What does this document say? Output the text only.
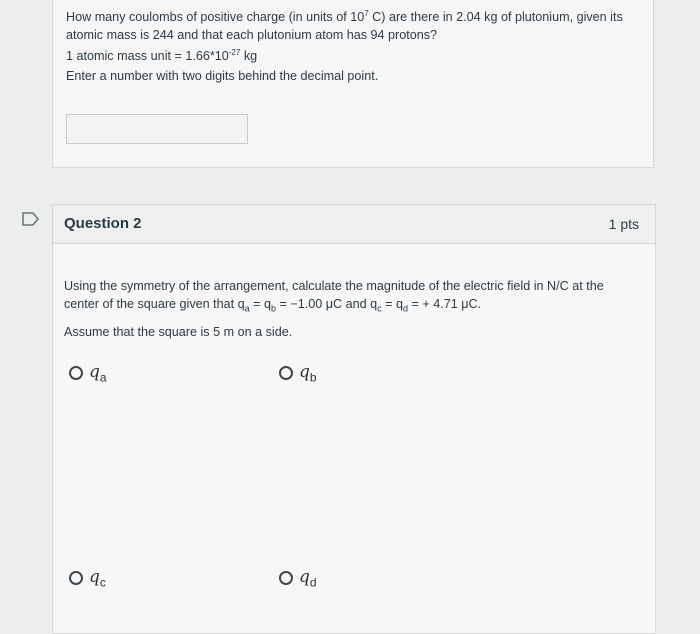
How many coulombs of positive charge (in units of $10^7$ C) are there in 2.04 kg of plutonium, given its

atomic mass is 244 and that each plutonium atom has 94 protons?

1 atomic mass unit = $1.66*10^{-27}$ kg

Enter a number with two digits behind the decimal point.
Question 2	1 pts

Using the symmetry of the arrangement, calculate the magnitude of the electric field in N/C at the

center of the square given that $q_a = q_b = -1.00$ μC and $q_c = q_d$ = + 4.71 μC.

Assume that the square is 5 m on a side.
$q_a$	$q_b$
$q_c$	$q_d$
